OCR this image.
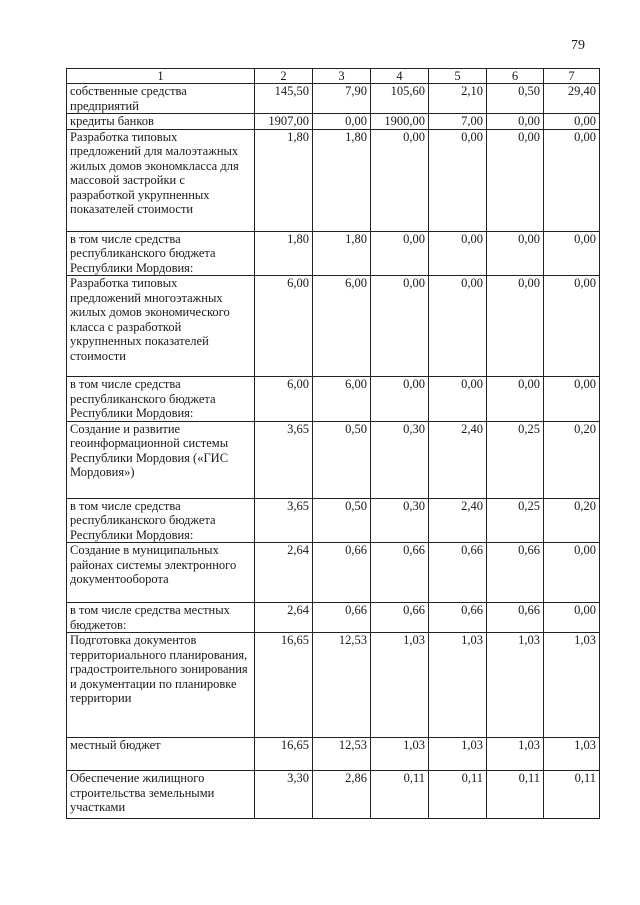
79
1	2	3	4	5	6	7
собственные средства предприятий	145,50	7,90	105,60	2,10	0,50	29,40
кредиты банков	1907,00	0,00	1900,00	7,00	0,00	0,00
Разработка типовых предложений для малоэтажных жилых домов экономкласса для массовой застройки с разработкой укрупненных показателей стоимости	1,80	1,80	0,00	0,00	0,00	0,00
в том числе средства республиканского бюджета Республики Мордовия:	1,80	1,80	0,00	0,00	0,00	0,00
Разработка типовых предложений многоэтажных жилых домов экономического класса с разработкой укрупненных показателей стоимости	6,00	6,00	0,00	0,00	0,00	0,00
в том числе средства республиканского бюджета Республики Мордовия:	6,00	6,00	0,00	0,00	0,00	0,00
Создание и развитие геоинформационной системы Республики Мордовия («ГИС Мордовия»)	3,65	0,50	0,30	2,40	0,25	0,20
в том числе средства республиканского бюджета Республики Мордовия:	3,65	0,50	0,30	2,40	0,25	0,20
Создание в муниципальных районах системы электронного документооборота	2,64	0,66	0,66	0,66	0,66	0,00
в том числе средства местных бюджетов:	2,64	0,66	0,66	0,66	0,66	0,00
Подготовка документов территориального планирования, градостроительного зонирования и документации по планировке территории	16,65	12,53	1,03	1,03	1,03	1,03
местный бюджет	16,65	12,53	1,03	1,03	1,03	1,03
Обеспечение жилищного строительства земельными участками	3,30	2,86	0,11	0,11	0,11	0,11
